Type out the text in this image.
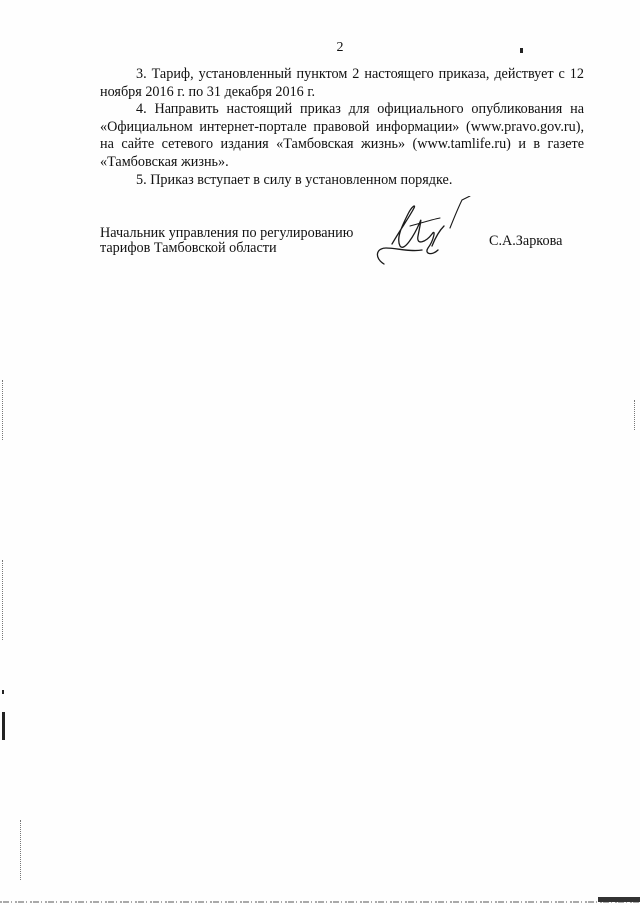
2

3. Тариф, установленный пунктом 2 настоящего приказа, действует с 12 ноября 2016 г. по 31 декабря 2016 г.

4. Направить настоящий приказ для официального опубликования на «Официальном интернет-портале правовой информации» (www.pravo.gov.ru), на сайте сетевого издания «Тамбовская жизнь» (www.tamlife.ru) и в газете «Тамбовская жизнь».

5. Приказ вступает в силу в установленном порядке.

Начальник управления по регулированию
тарифов Тамбовской области	С.А.Заркова
